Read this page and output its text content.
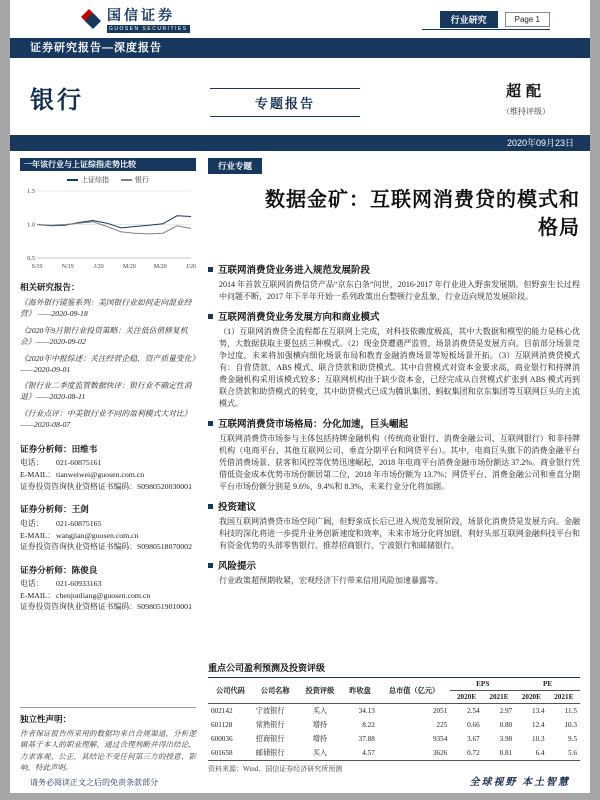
国信证券
GUOSEN SECURITIES
行业研究	Page 1
证券研究报告—深度报告
银行	专题报告
超配
（维持评级）
2020年09月23日
一年该行业与上证综指走势比较
上证综指	银行
0.5
1.0
1.5
S/19	N/19	J/20	M/20	M/20	J/20
相关研究报告：
《海外银行镜鉴系列：美国银行业如何走向混业经营》 ——2020-09-18
《2020年9月银行业投资策略：关注低估值修复机会》——2020-09-02
《2020年中报综述：关注经营企稳、资产质量变化》——2020-09-01
《银行业二季度监管数据快评：银行业不确定性消退》——2020-08-11
《行业点评：中美银行业不同的盈利模式大对比》——2020-08-07
证券分析师：田维韦
电话： 021-60875161
E-MAIL：tianweiwei@guosen.com.cn
证券投资咨询执业资格证书编码：S0980520030001
证券分析师：王剑
电话： 021-60875165
E-MAIL：wangjian@guosen.com.cn
证券投资咨询执业资格证书编码：S0980518070002
证券分析师：陈俊良
电话： 021-60933163
E-MAIL：chenjunliang@guosen.com.cn
证券投资咨询执业资格证书编码：S0980519010001
独立性声明：

作者保证报告所采用的数据均来自合规渠道，分析逻辑基于本人的职业理解，通过合理判断并得出结论，力求客观、公正，其结论不受任何第三方的授意、影响，特此声明。

行业专题
数据金矿：互联网消费贷的模式和格局
互联网消费贷业务进入规范发展阶段

2014 年首款互联网消费信贷产品“京东白条”问世，2016-2017 年行业进入野蛮发展期。但野蛮生长过程中问题不断，2017 年下半年开始一系列政策出台整顿行业乱象，行业迈向规范发展阶段。

互联网消费贷业务发展方向和商业模式

（1）互联网消费贷全流程都在互联网上完成，对科技依赖度极高，其中大数据和模型的能力是核心优势，大数据获取主要包括三种模式。（2）现金贷遭遇严监管，场景消费贷是发展方向。目前部分场景竞争过度，未来将加强横向细化场景布局和教育金融消费场景等短板场景开拓。（3）互联网消费贷模式有：自营贷款、ABS 模式、联合贷款和助贷模式。其中自营模式对资本金要求高，商业银行和持牌消费金融机构采用该模式较多；互联网机构由于缺少资本金，已经完成从自营模式扩张到 ABS 模式再到联合贷款和助贷模式的转变，其中助贷模式已成为腾讯集团、蚂蚁集团和京东集团等互联网巨头的主流模式。

互联网消费贷市场格局：分化加速，巨头崛起

互联网消费贷市场参与主体包括持牌金融机构（传统商业银行、消费金融公司、互联网银行）和非持牌机构（电商平台、其他互联网公司、垂直分期平台和网贷平台）。其中，电商巨头旗下的消费金融平台凭借消费场景、获客和风控等优势迅速崛起，2018 年电商平台消费金融市场份额达 37.2%。商业银行凭借低资金成本优势市场份额居第二位，2018 年市场份额为 13.7%；网贷平台、消费金融公司和垂直分期平台市场份额分别是 9.6%、9.4%和 8.3%，未来行业分化将加剧。

投资建议

我国互联网消费贷市场空间广阔，但野蛮成长后已进入规范发展阶段，场景化消费贷是发展方向。金融科技的深化将进一步提升业务创新速度和效率，未来市场分化将加剧，利好头部互联网金融科技平台和有资金优势的头部零售银行。推荐招商银行、宁波银行和邮储银行。

风险提示

行业政策超预期收紧，宏观经济下行带来信用风险加速暴露等。

重点公司盈利预测及投资评级
公司代码	公司名称	投资评级	昨收盘	总市值（亿元）	EPS		PE	
					2020E	2021E	2020E	2021E
002142	宁波银行	买入	34.13	2051	2.54	2.97	13.4	11.5
601128	常熟银行	增持	8.22	225	0.66	0.80	12.4	10.3
600036	招商银行	增持	37.88	9354	3.67	3.98	10.3	9.5
601658	邮储银行	买入	4.57	3626	0.72	0.81	6.4	5.6
资料来源：Wind、国信证券经济研究所预测
请务必阅读正文之后的免责条款部分	全球视野 本土智慧
